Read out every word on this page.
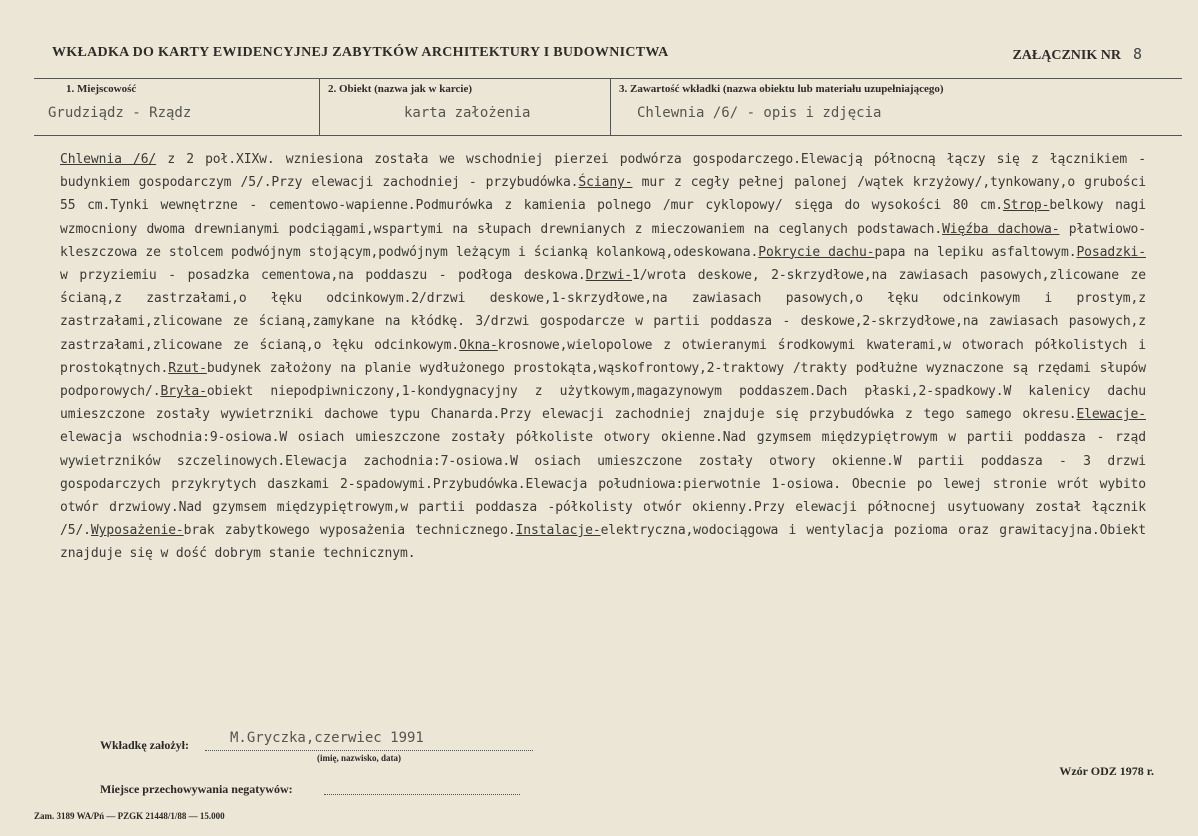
WKŁADKA DO KARTY EWIDENCYJNEJ ZABYTKÓW ARCHITEKTURY I BUDOWNICTWA	ZAŁĄCZNIK NR 8
1. Miejscowość
Grudziądz - Rządz
2. Obiekt (nazwa jak w karcie)
karta założenia
3. Zawartość wkładki (nazwa obiektu lub materiału uzupełniającego)
Chlewnia /6/ - opis i zdjęcia
Chlewnia /6/ z 2 poł.XIXw. wzniesiona została we wschodniej pierzei podwórza gospodarczego.Elewacją północną łączy się z łącznikiem - budynkiem gospodarczym /5/.Przy elewacji zachodniej - przybudówka.Ściany- mur z cegły pełnej palonej /wątek krzyżowy/,tynkowany,o grubości 55 cm.Tynki wewnętrzne - cementowo-wapienne.Podmurówka z kamienia polnego /mur cyklopowy/ sięga do wysokości 80 cm.Strop-belkowy nagi wzmocniony dwoma drewnianymi podciągami,wspartymi na słupach drewnianych z mieczowaniem na ceglanych podstawach.Więźba dachowa- płatwiowo-kleszczowa ze stolcem podwójnym stojącym,podwójnym leżącym i ścianką kolankową,odeskowana.Pokrycie dachu-papa na lepiku asfaltowym.Posadzki-w przyziemiu - posadzka cementowa,na poddaszu - podłoga deskowa.Drzwi-1/wrota deskowe, 2-skrzydłowe,na zawiasach pasowych,zlicowane ze ścianą,z zastrzałami,o łęku odcinkowym.2/drzwi deskowe,1-skrzydłowe,na zawiasach pasowych,o łęku odcinkowym i prostym,z zastrzałami,zlicowane ze ścianą,zamykane na kłódkę. 3/drzwi gospodarcze w partii poddasza - deskowe,2-skrzydłowe,na zawiasach pasowych,z zastrzałami,zlicowane ze ścianą,o łęku odcinkowym.Okna-krosnowe,wielopolowe z otwieranymi środkowymi kwaterami,w otworach półkolistych i prostokątnych.Rzut-budynek założony na planie wydłużonego prostokąta,wąskofrontowy,2-traktowy /trakty podłużne wyznaczone są rzędami słupów podporowych/.Bryła-obiekt niepodpiwniczony,1-kondygnacyjny z użytkowym,magazynowym poddaszem.Dach płaski,2-spadkowy.W kalenicy dachu umieszczone zostały wywietrzniki dachowe typu Chanarda.Przy elewacji zachodniej znajduje się przybudówka z tego samego okresu.Elewacje-elewacja wschodnia:9-osiowa.W osiach umieszczone zostały półkoliste otwory okienne.Nad gzymsem międzypiętrowym w partii poddasza - rząd wywietrzników szczelinowych.Elewacja zachodnia:7-osiowa.W osiach umieszczone zostały otwory okienne.W partii poddasza - 3 drzwi gospodarczych przykrytych daszkami 2-spadowymi.Przybudówka.Elewacja południowa:pierwotnie 1-osiowa. Obecnie po lewej stronie wrót wybito otwór drzwiowy.Nad gzymsem międzypiętrowym,w partii poddasza -półkolisty otwór okienny.Przy elewacji północnej usytuowany został łącznik /5/.Wyposażenie-brak zabytkowego wyposażenia technicznego.Instalacje-elektryczna,wodociągowa i wentylacja pozioma oraz grawitacyjna.Obiekt znajduje się w dość dobrym stanie technicznym.
Wkładkę założył:	M.Gryczka,czerwiec 1991
(imię, nazwisko, data)
Wzór ODZ 1978 r.
Miejsce przechowywania negatywów:
Zam. 3189 WA/Pń — PZGK 21448/1/88 — 15.000
